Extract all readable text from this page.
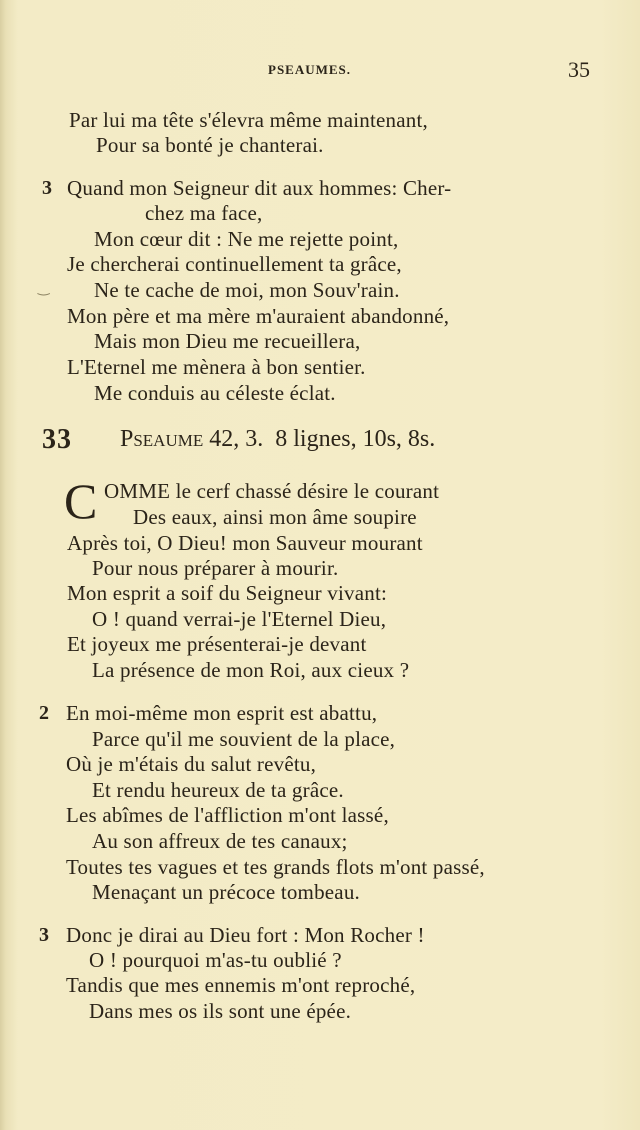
PSEAUMES.	35
Par lui ma tête s'élevra même maintenant,
Pour sa bonté je chanterai.
3 Quand mon Seigneur dit aux hommes: Cher-
chez ma face,
Mon cœur dit : Ne me rejette point,
Je chercherai continuellement ta grâce,
‿ Ne te cache de moi, mon Souv'rain.
Mon père et ma mère m'auraient abandonné,
Mais mon Dieu me recueillera,
L'Eternel me mènera à bon sentier.
Me conduis au céleste éclat.
33 Pseaume 42, 3. 8 lignes, 10s, 8s.
C OMME le cerf chassé désire le courant
Des eaux, ainsi mon âme soupire
Après toi, O Dieu! mon Sauveur mourant
Pour nous préparer à mourir.
Mon esprit a soif du Seigneur vivant:
O ! quand verrai-je l'Eternel Dieu,
Et joyeux me présenterai-je devant
La présence de mon Roi, aux cieux ?
2 En moi-même mon esprit est abattu,
Parce qu'il me souvient de la place,
Où je m'étais du salut revêtu,
Et rendu heureux de ta grâce.
Les abîmes de l'affliction m'ont lassé,
Au son affreux de tes canaux;
Toutes tes vagues et tes grands flots m'ont passé,
Menaçant un précoce tombeau.
3 Donc je dirai au Dieu fort : Mon Rocher !
O ! pourquoi m'as-tu oublié ?
Tandis que mes ennemis m'ont reproché,
Dans mes os ils sont une épée.
